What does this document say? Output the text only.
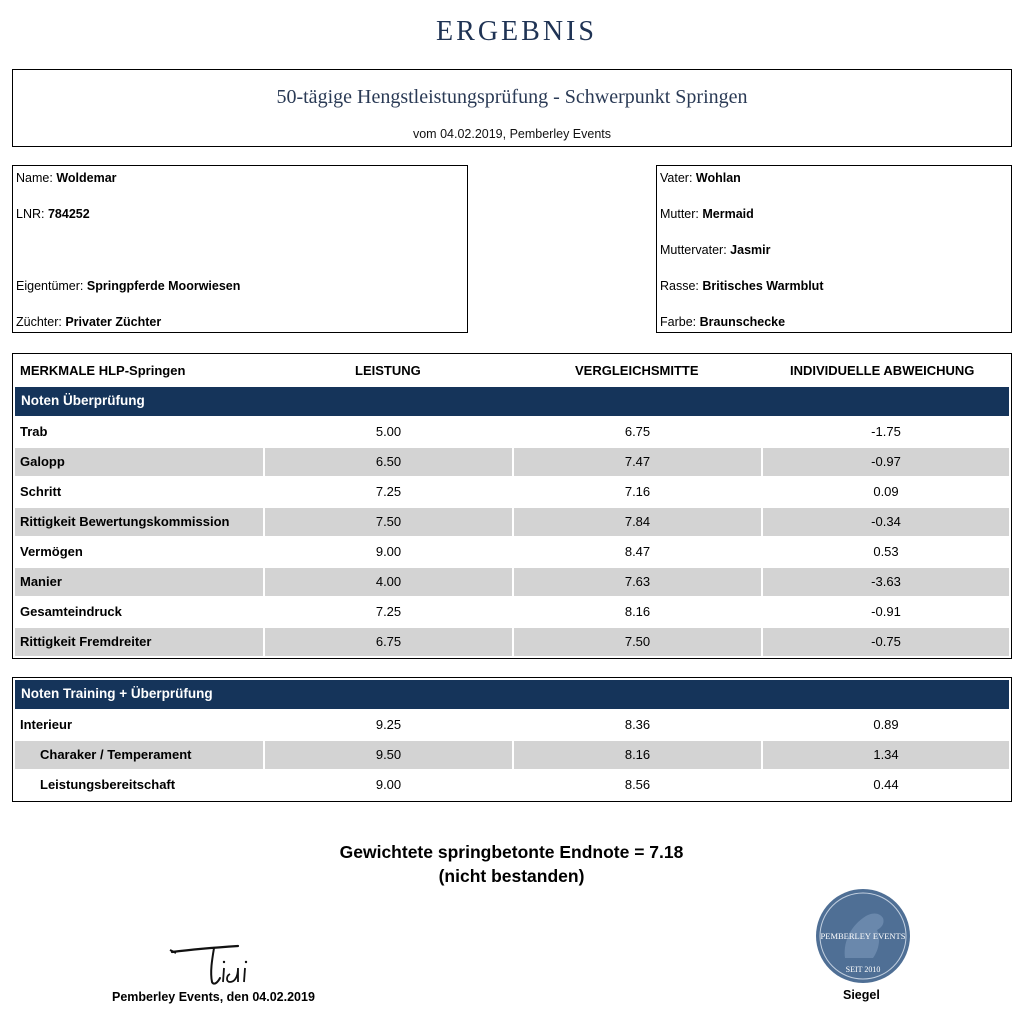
ERGEBNIS
50-tägige Hengstleistungsprüfung - Schwerpunkt Springen
vom 04.02.2019, Pemberley Events
Name: Woldemar
LNR: 784252
Eigentümer: Springpferde Moorwiesen
Züchter: Privater Züchter
Vater: Wohlan
Mutter: Mermaid
Muttervater: Jasmir
Rasse: Britisches Warmblut
Farbe: Braunschecke
MERKMALE HLP-Springen	LEISTUNG	VERGLEICHSMITTE	INDIVIDUELLE ABWEICHUNG
Noten Überprüfung
Trab	5.00	6.75	-1.75
Galopp	6.50	7.47	-0.97
Schritt	7.25	7.16	0.09
Rittigkeit Bewertungskommission	7.50	7.84	-0.34
Vermögen	9.00	8.47	0.53
Manier	4.00	7.63	-3.63
Gesamteindruck	7.25	8.16	-0.91
Rittigkeit Fremdreiter	6.75	7.50	-0.75
Noten Training + Überprüfung
Interieur	9.25	8.36	0.89
Charaker / Temperament	9.50	8.16	1.34
Leistungsbereitschaft	9.00	8.56	0.44
Gewichtete springbetonte Endnote = 7.18
(nicht bestanden)
Pemberley Events, den 04.02.2019
PEMBERLEY EVENTS
SEIT 2010
Siegel
